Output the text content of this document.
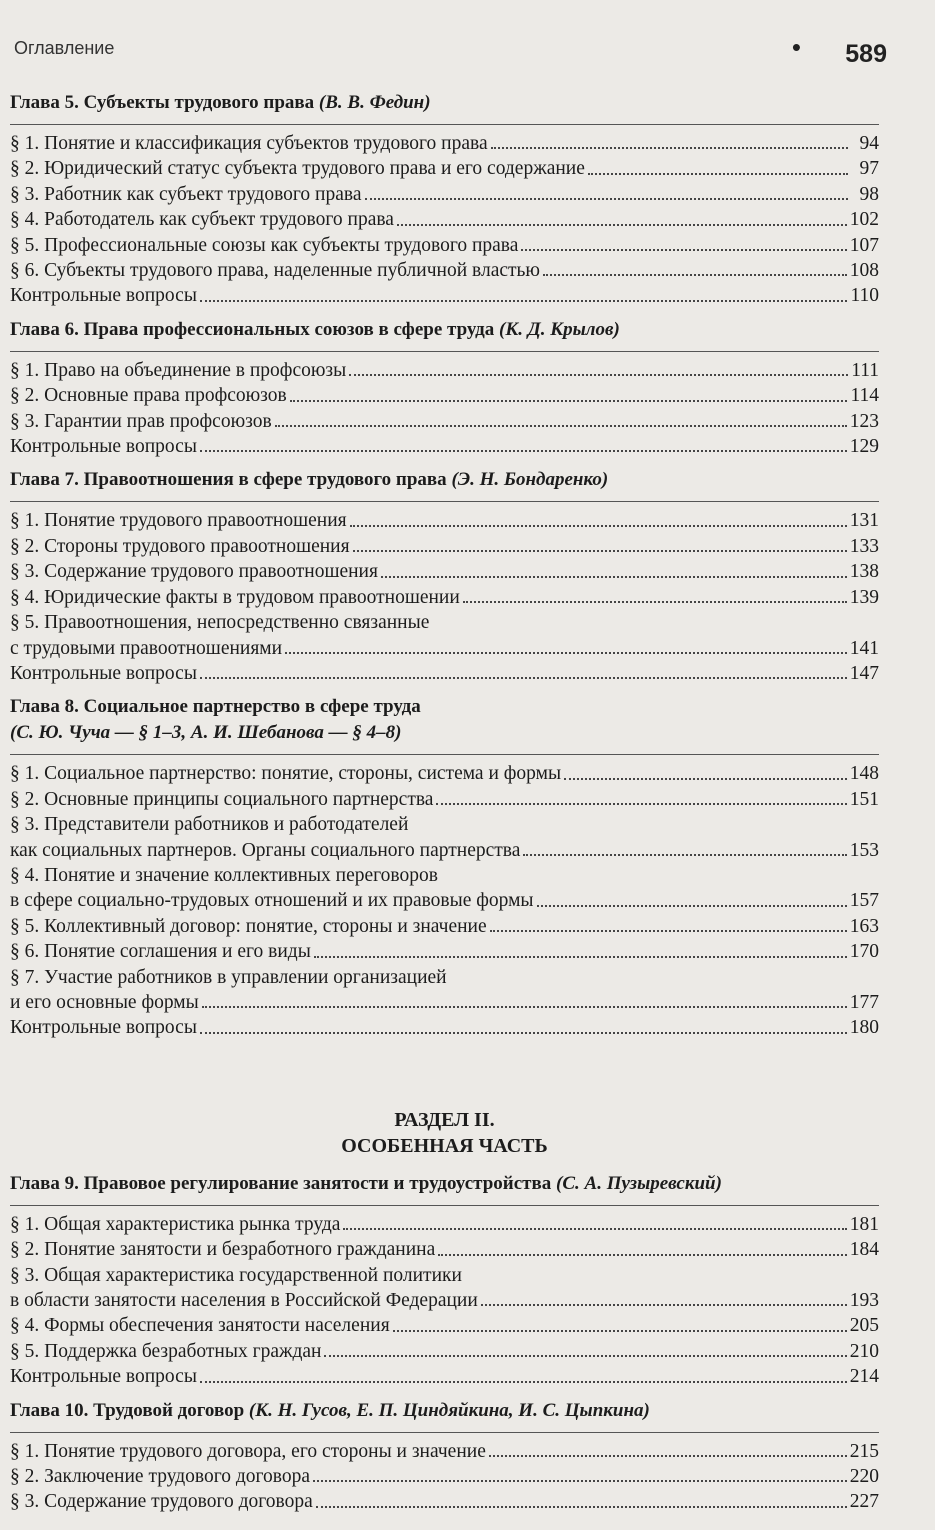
Оглавление	• 589
Глава 5. Субъекты трудового права (В. В. Федин)
§ 1. Понятие и классификация субъектов трудового права	94
§ 2. Юридический статус субъекта трудового права и его содержание	97
§ 3. Работник как субъект трудового права	98
§ 4. Работодатель как субъект трудового права	102
§ 5. Профессиональные союзы как субъекты трудового права	107
§ 6. Субъекты трудового права, наделенные публичной властью	108
Контрольные вопросы	110
Глава 6. Права профессиональных союзов в сфере труда (К. Д. Крылов)
§ 1. Право на объединение в профсоюзы	111
§ 2. Основные права профсоюзов	114
§ 3. Гарантии прав профсоюзов	123
Контрольные вопросы	129
Глава 7. Правоотношения в сфере трудового права (Э. Н. Бондаренко)
§ 1. Понятие трудового правоотношения	131
§ 2. Стороны трудового правоотношения	133
§ 3. Содержание трудового правоотношения	138
§ 4. Юридические факты в трудовом правоотношении	139
§ 5. Правоотношения, непосредственно связанные
с трудовыми правоотношениями	141
Контрольные вопросы	147
Глава 8. Социальное партнерство в сфере труда
(С. Ю. Чуча — § 1–3, А. И. Шебанова — § 4–8)
§ 1. Социальное партнерство: понятие, стороны, система и формы	148
§ 2. Основные принципы социального партнерства	151
§ 3. Представители работников и работодателей
как социальных партнеров. Органы социального партнерства	153
§ 4. Понятие и значение коллективных переговоров
в сфере социально-трудовых отношений и их правовые формы	157
§ 5. Коллективный договор: понятие, стороны и значение	163
§ 6. Понятие соглашения и его виды	170
§ 7. Участие работников в управлении организацией
и его основные формы	177
Контрольные вопросы	180
РАЗДЕЛ II.
ОСОБЕННАЯ ЧАСТЬ
Глава 9. Правовое регулирование занятости и трудоустройства (С. А. Пузыревский)
§ 1. Общая характеристика рынка труда	181
§ 2. Понятие занятости и безработного гражданина	184
§ 3. Общая характеристика государственной политики
в области занятости населения в Российской Федерации	193
§ 4. Формы обеспечения занятости населения	205
§ 5. Поддержка безработных граждан	210
Контрольные вопросы	214
Глава 10. Трудовой договор (К. Н. Гусов, Е. П. Циндяйкина, И. С. Цыпкина)
§ 1. Понятие трудового договора, его стороны и значение	215
§ 2. Заключение трудового договора	220
§ 3. Содержание трудового договора	227
